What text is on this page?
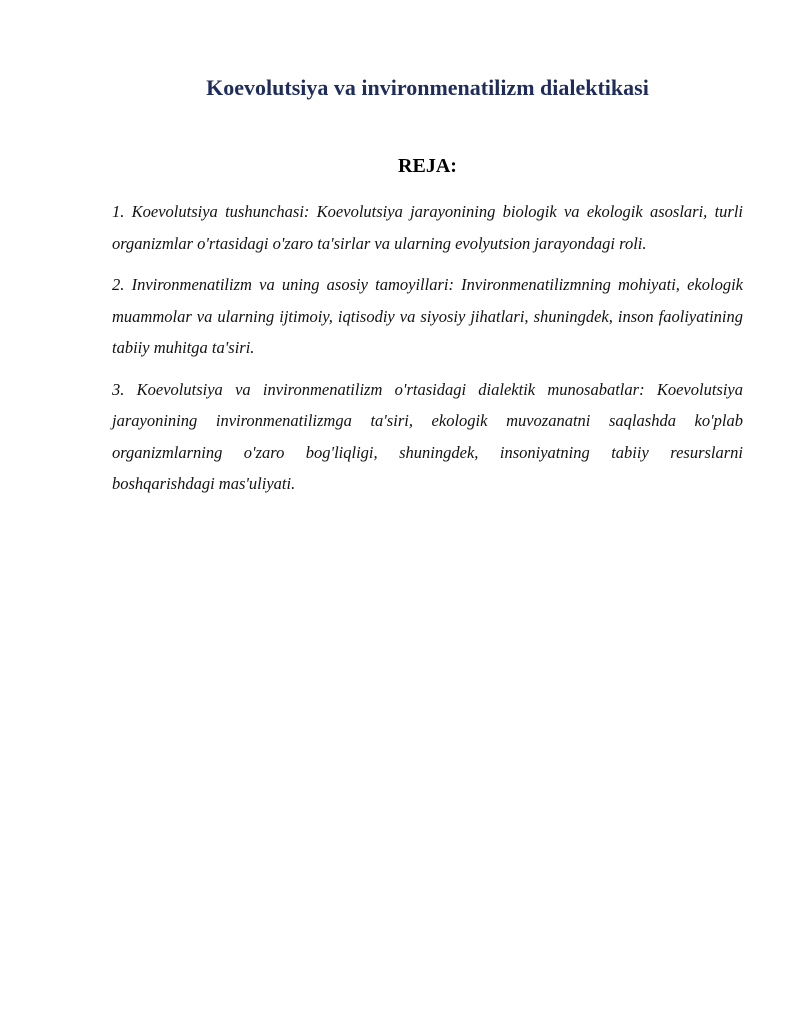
Koevolutsiya va invironmenatilizm dialektikasi
REJA:

1. Koevolutsiya tushunchasi: Koevolutsiya jarayonining biologik va ekologik asoslari, turli organizmlar o'rtasidagi o'zaro ta'sirlar va ularning evolyutsion jarayondagi roli.

2. Invironmenatilizm va uning asosiy tamoyillari: Invironmenatilizmning mohiyati, ekologik muammolar va ularning ijtimoiy, iqtisodiy va siyosiy jihatlari, shuningdek, inson faoliyatining tabiiy muhitga ta'siri.

3. Koevolutsiya va invironmenatilizm o'rtasidagi dialektik munosabatlar: Koevolutsiya jarayonining invironmenatilizmga ta'siri, ekologik muvozanatni saqlashda ko'plab organizmlarning o'zaro bog'liqligi, shuningdek, insoniyatning tabiiy resurslarni boshqarishdagi mas'uliyati.
